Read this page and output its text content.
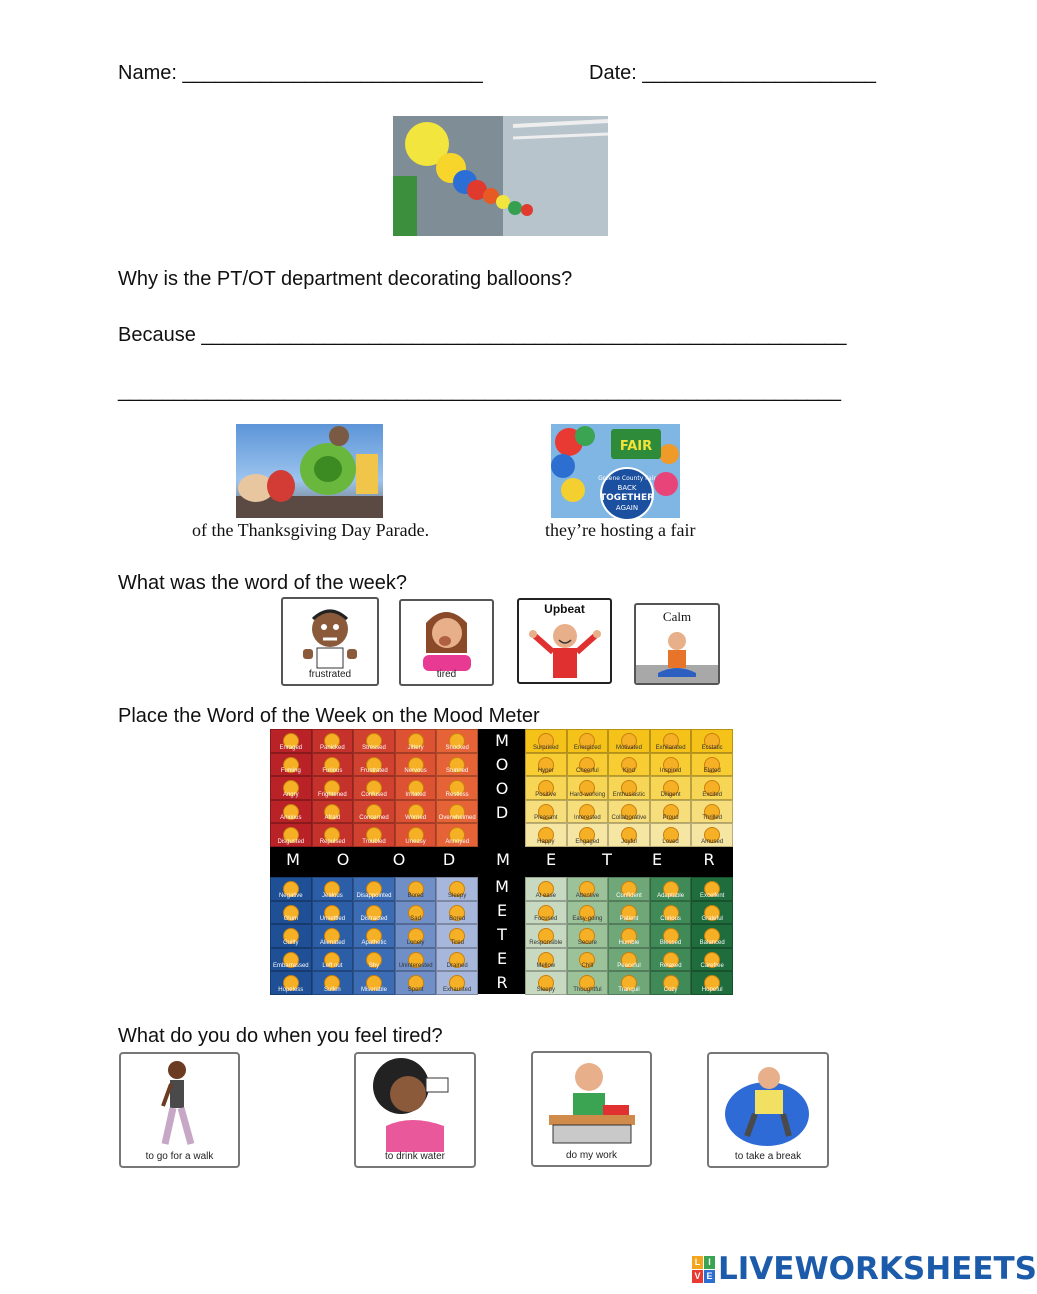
Name: ___________________________	Date: _____________________
Why is the PT/OT department decorating balloons?
Because __________________________________________________________
_________________________________________________________________
of the Thanksgiving Day Parade.
FAIR
Greene County Fair
BACK
TOGETHER
AGAIN
they’re hosting a fair
What was the word of the week?
frustrated	tired
Upbeat	Calm
Place the Word of the Week on the Mood Meter
Enraged	Panicked	Stressed	Jittery	Shocked
Fuming	Furious	Frustrated	Nervous	Stunned
Angry	Frightened	Confused	Irritated	Restless
Anxious	Afraid	Concerned	Worried	Overwhelmed
Disgusted	Repulsed	Troubled	Uneasy	Annoyed
Surprised	Energized	Motivated	Exhilarated	Ecstatic
Hyper	Cheerful	Kind	Inspired	Elated
Positive	Hard-working	Enthusiastic	Diligent	Excited
Pleasant	Interested	Collaborative	Proud	Thrilled
Happy	Engaged	Joyful	Loved	Amused
Negative	Jealous	Disappointed	Bored	Sleepy
Glum	Unsettled	Distracted	Sad	Bored
Guilty	Alienated	Apathetic	Lonely	Tired
Embarrassed	Left out	Shy	Uninterested	Drained
Hopeless	Sullen	Miserable	Spent	Exhausted
At ease	Attentive	Confident	Adaptable	Excellent
Focused	Easy-going	Patient	Curious	Grateful
Responsible	Secure	Humble	Blessed	Balanced
Mellow	Chill	Peaceful	Relaxed	Carefree
Sleepy	Thoughtful	Tranquil	Cozy	Hopeful
M O	O D	M E	T	E	R
M
O
O
D
M
E
T
E
R
What do you do when you feel tired?
to go for a walk	to drink water	do my work	to take a break
L I
V E LIVEWORKSHEETS
